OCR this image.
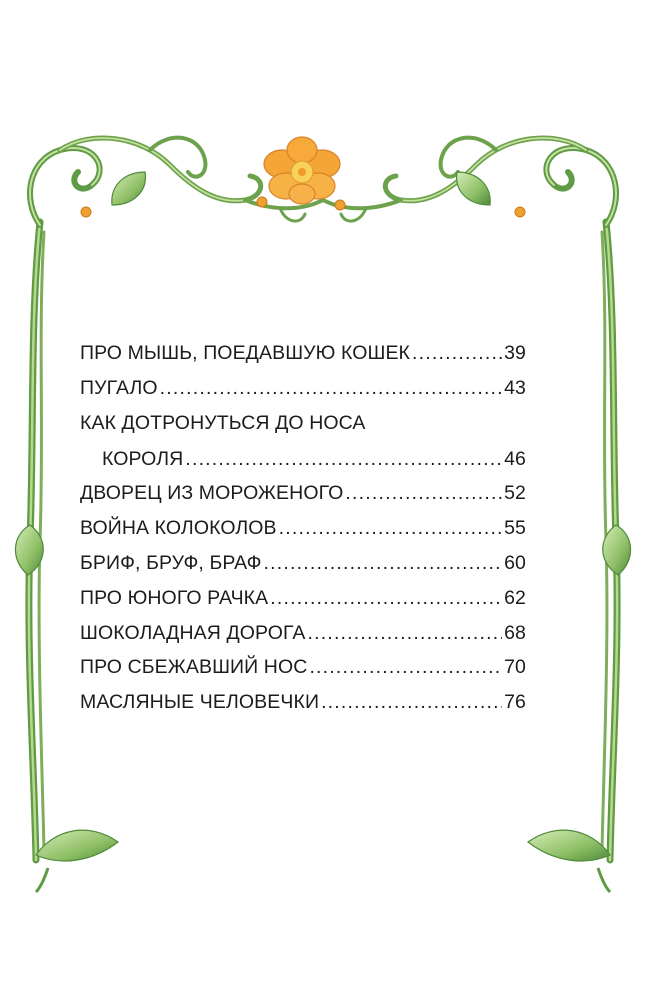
ПРО МЫШЬ, ПОЕДАВШУЮ КОШЕК .....	39
ПУГАЛО .....	43
КАК ДОТРОНУТЬСЯ ДО НОСА
КОРОЛЯ .....	46
ДВОРЕЦ ИЗ МОРОЖЕНОГО .....	52
ВОЙНА КОЛОКОЛОВ .....	55
БРИФ, БРУФ, БРАФ .....	60
ПРО ЮНОГО РАЧКА .....	62
ШОКОЛАДНАЯ ДОРОГА .....	68
ПРО СБЕЖАВШИЙ НОС .....	70
МАСЛЯНЫЕ ЧЕЛОВЕЧКИ .....	76
